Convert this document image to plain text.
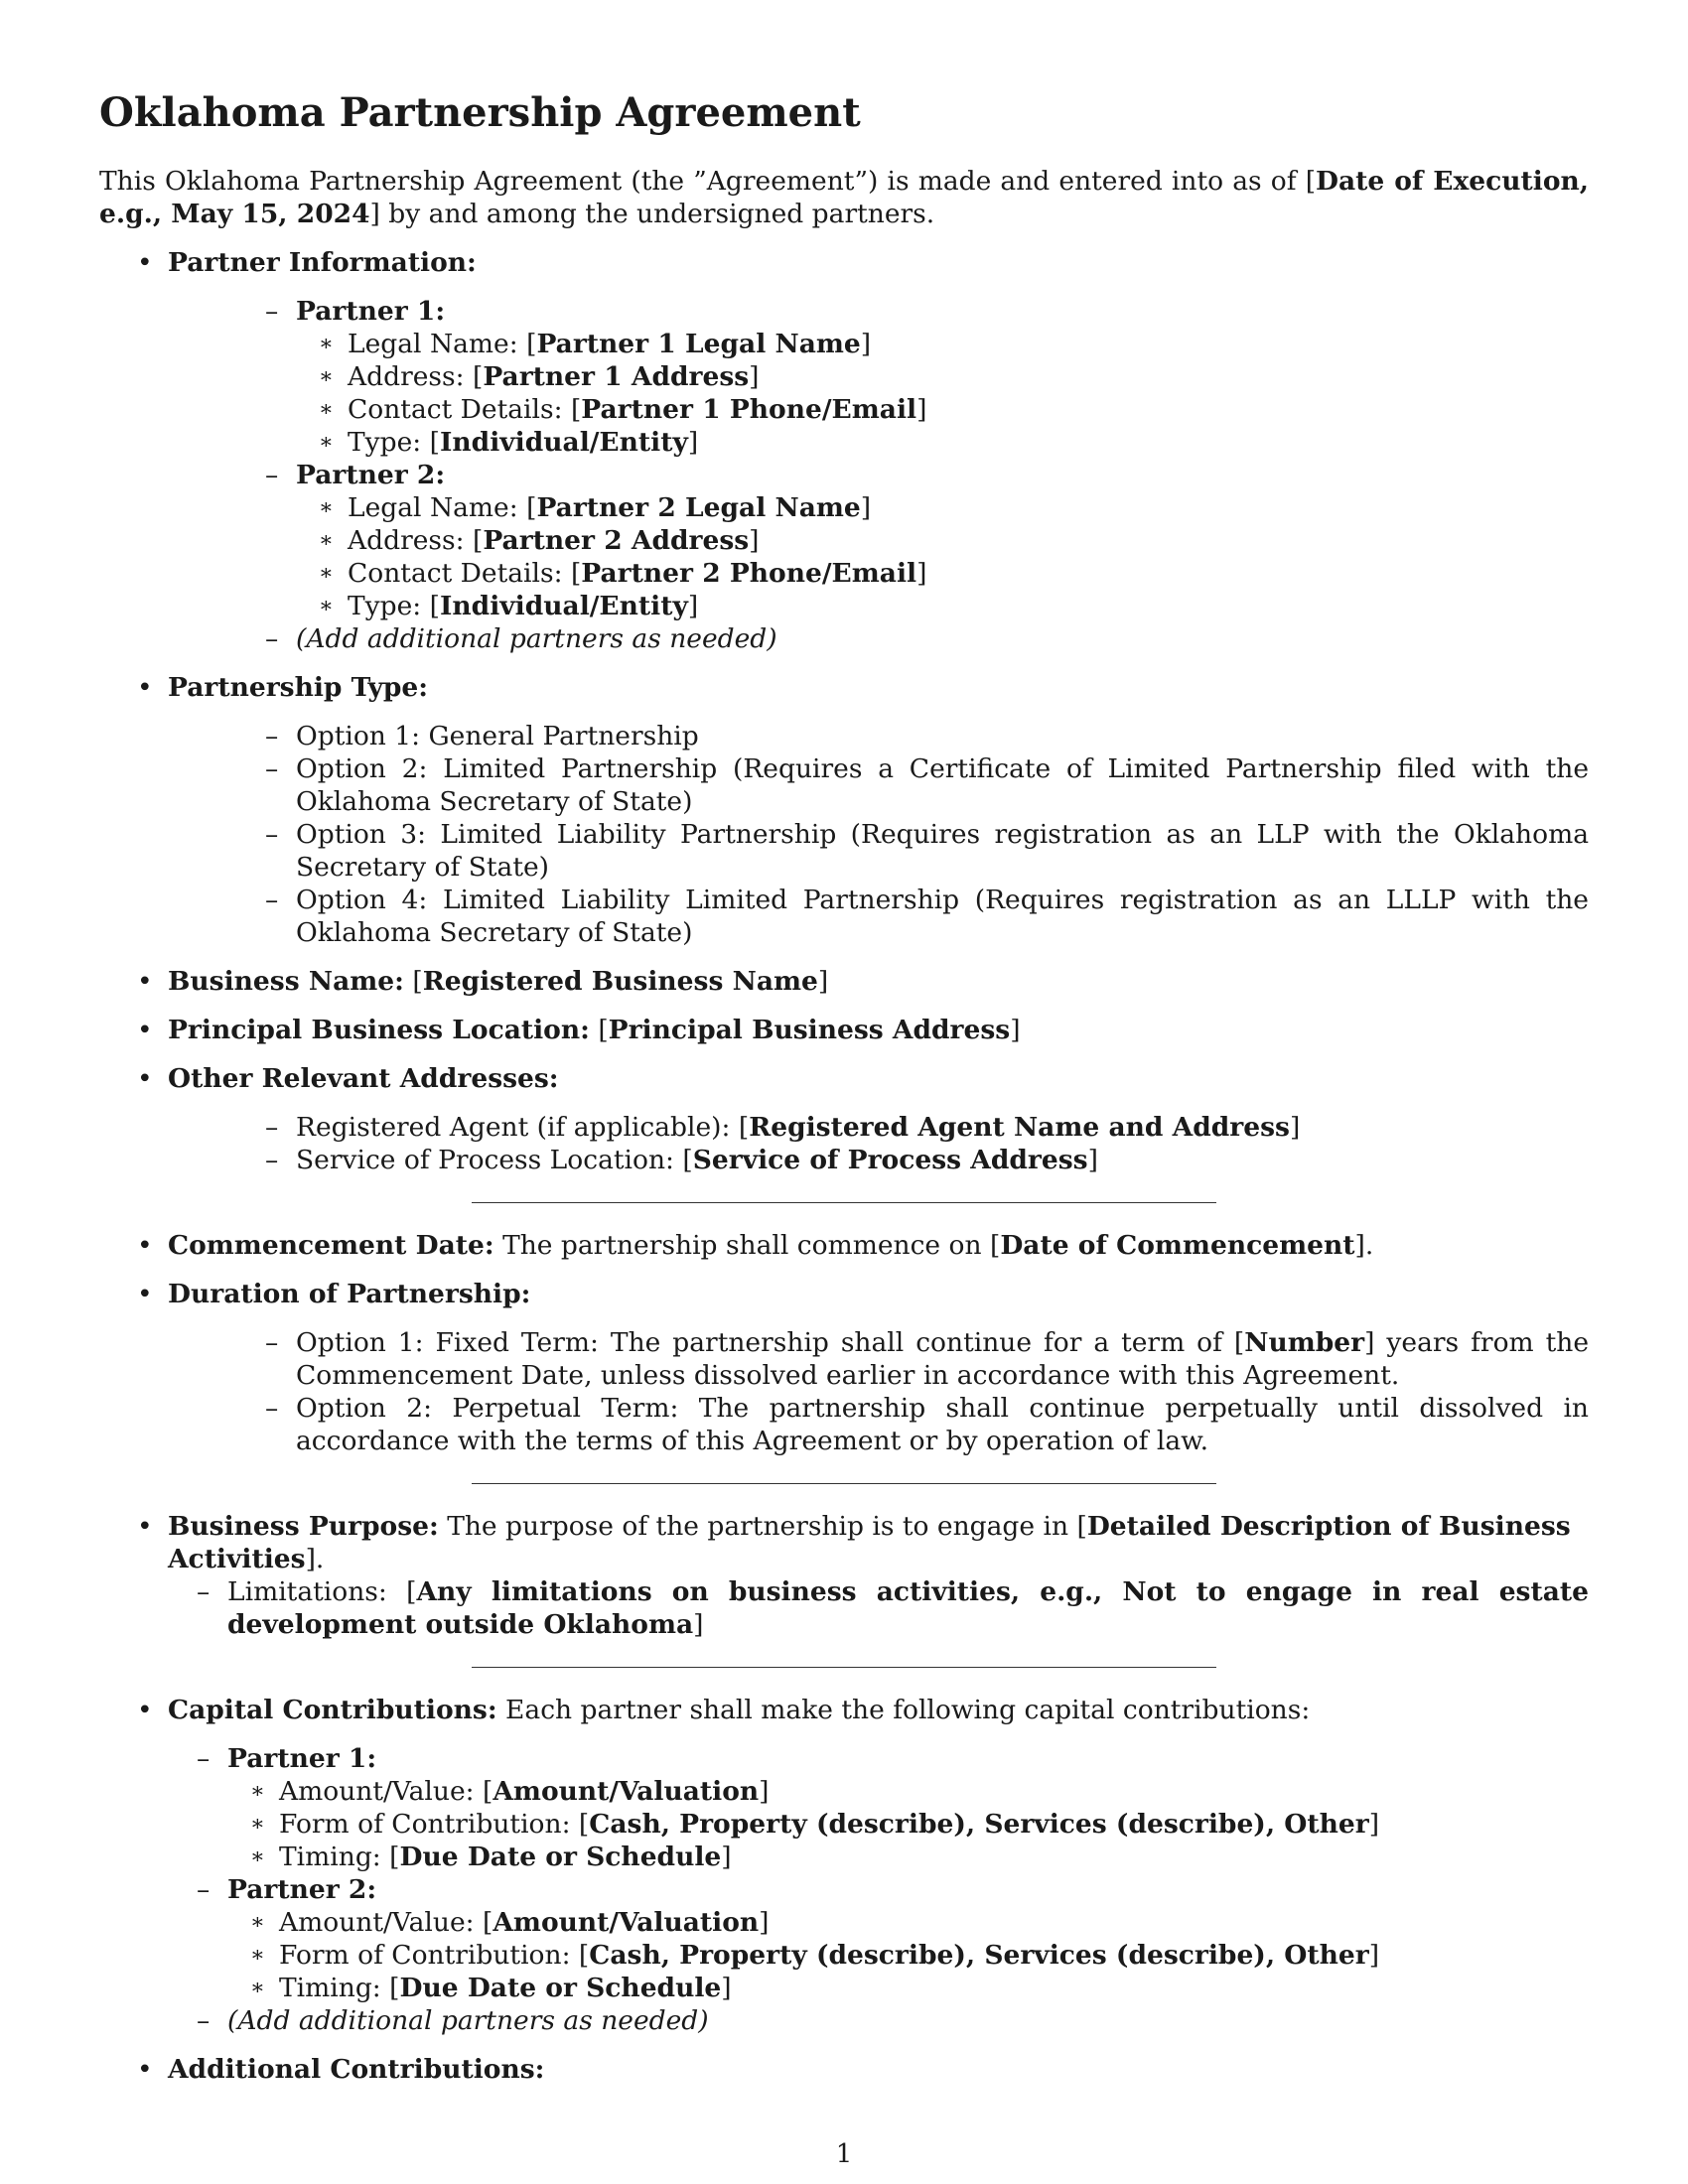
Oklahoma Partnership Agreement

This Oklahoma Partnership Agreement (the ”Agreement”) is made and entered into as of [Date of Execution, e.g., May 15, 2024] by and among the undersigned partners.

• Partner Information:
– Partner 1:
∗ Legal Name: [Partner 1 Legal Name]
∗ Address: [Partner 1 Address]
∗ Contact Details: [Partner 1 Phone/Email]
∗ Type: [Individual/Entity]
– Partner 2:
∗ Legal Name: [Partner 2 Legal Name]
∗ Address: [Partner 2 Address]
∗ Contact Details: [Partner 2 Phone/Email]
∗ Type: [Individual/Entity]
– (Add additional partners as needed)
• Partnership Type:
– Option 1: General Partnership
– Option 2: Limited Partnership (Requires a Certificate of Limited Partnership filed with the Oklahoma Secretary of State)
– Option 3: Limited Liability Partnership (Requires registration as an LLP with the Oklahoma Secretary of State)
– Option 4: Limited Liability Limited Partnership (Requires registration as an LLLP with the Oklahoma Secretary of State)
• Business Name: [Registered Business Name]
• Principal Business Location: [Principal Business Address]
• Other Relevant Addresses:
– Registered Agent (if applicable): [Registered Agent Name and Address]
– Service of Process Location: [Service of Process Address]
• Commencement Date: The partnership shall commence on [Date of Commencement].
• Duration of Partnership:
– Option 1: Fixed Term: The partnership shall continue for a term of [Number] years from the Commencement Date, unless dissolved earlier in accordance with this Agreement.
– Option 2: Perpetual Term: The partnership shall continue perpetually until dissolved in accordance with the terms of this Agreement or by operation of law.
• Business Purpose: The purpose of the partnership is to engage in [Detailed Description of Business Activities].
– Limitations: [Any limitations on business activities, e.g., Not to engage in real estate development outside Oklahoma]
• Capital Contributions: Each partner shall make the following capital contributions:
– Partner 1:
∗ Amount/Value: [Amount/Valuation]
∗ Form of Contribution: [Cash, Property (describe), Services (describe), Other]
∗ Timing: [Due Date or Schedule]
– Partner 2:
∗ Amount/Value: [Amount/Valuation]
∗ Form of Contribution: [Cash, Property (describe), Services (describe), Other]
∗ Timing: [Due Date or Schedule]
– (Add additional partners as needed)
• Additional Contributions:
1
